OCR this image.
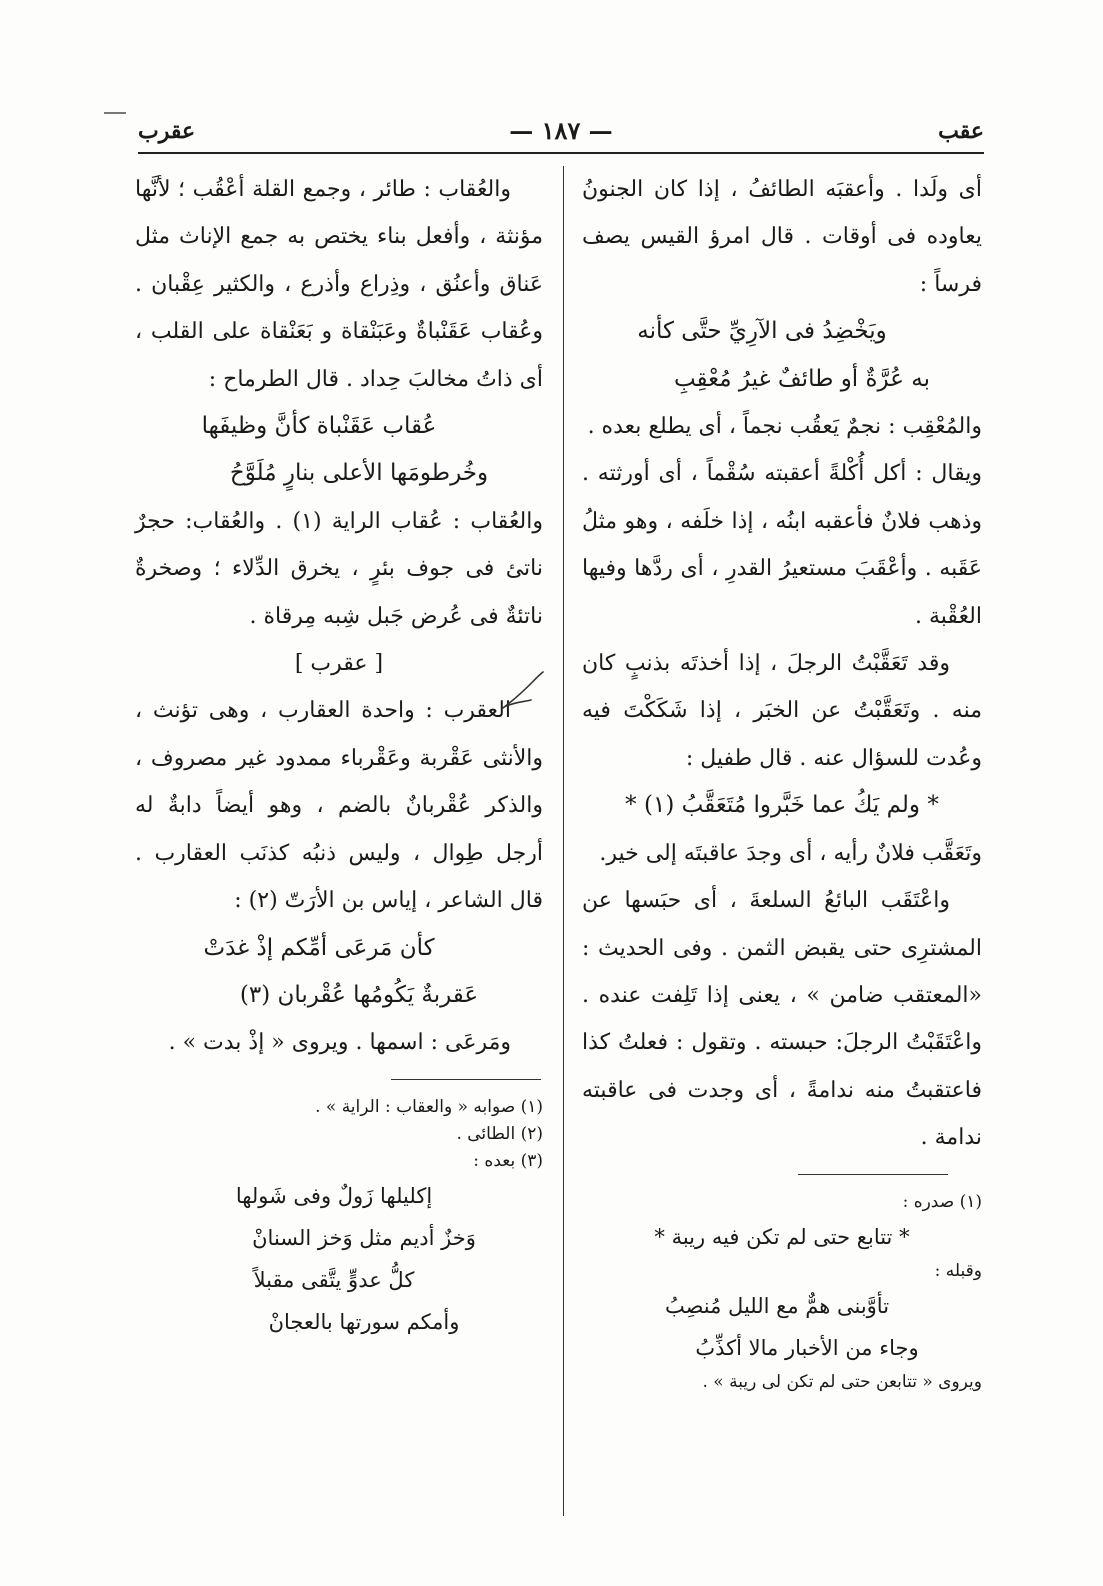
عقب
— ١٨٧ —
عقرب

أى ولَدا . وأعقبَه الطائفُ ، إذا كان الجنونُ يعاوده فى أوقات . قال امرؤ القيس يصف فرساً :

ويَخْضِدُ فى الآرِيِّ حتَّى كأنه

به عُرَّةٌ أو طائفٌ غيرُ مُعْقِبِ

والمُعْقِب : نجمٌ يَعقُب نجماً ، أى يطلع بعده .

ويقال : أكل أُكْلةً أعقبته سُقْماً ، أى أورثته . وذهب فلانٌ فأعقبه ابنُه ، إذا خلَفه ، وهو مثلُ عَقَبه . وأعْقَبَ مستعيرُ القدرِ ، أى ردَّها وفيها العُقْبة .

وقد تَعَقَّبْتُ الرجلَ ، إذا أخذتَه بذنبٍ كان منه . وتَعَقَّبْتُ عن الخبَر ، إذا شَكَكْتَ فيه وعُدت للسؤال عنه . قال طفيل :

* ولم يَكُ عما خَبَّروا مُتَعَقَّبُ (١) *

وتَعَقَّب فلانٌ رأيه ، أى وجدَ عاقبتَه إلى خير.

واعْتَقَب البائعُ السلعةَ ، أى حبَسها عن المشترِى حتى يقبض الثمن . وفى الحديث : «المعتقب ضامن » ، يعنى إذا تَلِفت عنده . واعْتَقَبْتُ الرجلَ: حبسته . وتقول : فعلتُ كذا فاعتقبتُ منه ندامةً ، أى وجدت فى عاقبته ندامة .

(١) صدره :

* تتابع حتى لم تكن فيه ريبة *

وقبله :

تأوَّبنى همٌّ مع الليل مُنصِبُ

وجاء من الأخبار مالا أكذِّبُ

ويروى « تتابعن حتى لم تكن لى ريبة » .

والعُقاب : طائر ، وجمع القلة أعْقُب ؛ لأنَّها مؤنثة ، وأفعل بناء يختص به جمع الإناث مثل عَناق وأعنُق ، وذِراع وأذرع ، والكثير عِقْبان . وعُقاب عَقَنْباةٌ وعَبَنْقاة و بَعَنْقاة على القلب ، أى ذاتُ مخالبَ حِداد . قال الطرماح :

عُقاب عَقَنْباة كأنَّ وظيفَها

وخُرطومَها الأعلى بنارٍ مُلَوَّحُ

والعُقاب : عُقاب الراية (١) . والعُقاب: حجرٌ ناتئ فى جوف بئرٍ ، يخرق الدِّلاء ؛ وصخرةٌ ناتئةٌ فى عُرض جَبل شِبه مِرقاة .

[ عقرب ]

العقرب : واحدة العقارب ، وهى تؤنث ، والأنثى عَقْربة وعَقْرباء ممدود غير مصروف ، والذكر عُقْربانٌ بالضم ، وهو أيضاً دابةٌ له أرجل طِوال ، وليس ذنبُه كذنَب العقارب . قال الشاعر ، إياس بن الأرَتّ (٢) :

كأن مَرعَى أمِّكم إذْ غدَتْ

عَقربةٌ يَكُومُها عُقْربان (٣)

ومَرعَى : اسمها . ويروى « إذْ بدت » .

(١) صوابه « والعقاب : الراية » .

(٢) الطائى .

(٣) بعده :

إكليلها زَولٌ وفى شَولها

وَخزٌ أديم مثل وَخز السنانْ

كلُّ عدوٍّ يتَّقى مقبلاً

وأمكم سورتها بالعجانْ
